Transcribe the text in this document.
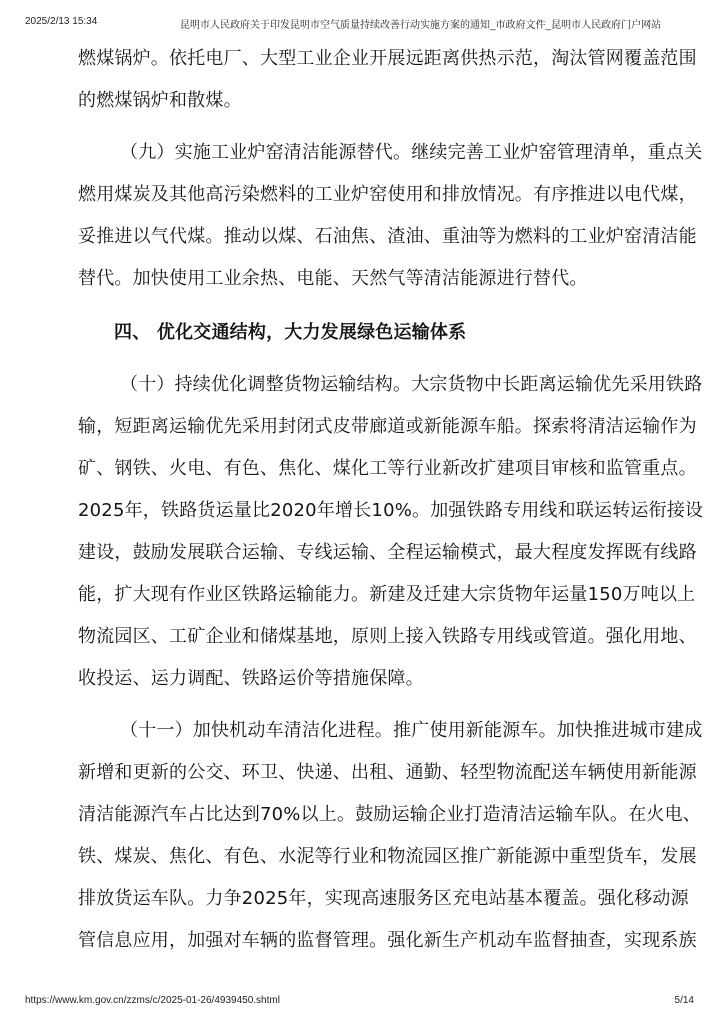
2025/2/13 15:34	昆明市人民政府关于印发昆明市空气质量持续改善行动实施方案的通知_市政府文件_昆明市人民政府门户网站
燃煤锅炉。依托电厂、大型工业企业开展远距离供热示范，淘汰管网覆盖范围
的燃煤锅炉和散煤。
（九）实施工业炉窑清洁能源替代。继续完善工业炉窑管理清单，重点关
燃用煤炭及其他高污染燃料的工业炉窑使用和排放情况。有序推进以电代煤，
妥推进以气代煤。推动以煤、石油焦、渣油、重油等为燃料的工业炉窑清洁能
替代。加快使用工业余热、电能、天然气等清洁能源进行替代。
四、 优化交通结构，大力发展绿色运输体系
（十）持续优化调整货物运输结构。大宗货物中长距离运输优先采用铁路
输，短距离运输优先采用封闭式皮带廊道或新能源车船。探索将清洁运输作为
矿、钢铁、火电、有色、焦化、煤化工等行业新改扩建项目审核和监管重点。
2025年，铁路货运量比2020年增长10%。加强铁路专用线和联运转运衔接设
建设，鼓励发展联合运输、专线运输、全程运输模式，最大程度发挥既有线路
能，扩大现有作业区铁路运输能力。新建及迁建大宗货物年运量150万吨以上
物流园区、工矿企业和储煤基地，原则上接入铁路专用线或管道。强化用地、
收投运、运力调配、铁路运价等措施保障。
（十一）加快机动车清洁化进程。推广使用新能源车。加快推进城市建成
新增和更新的公交、环卫、快递、出租、通勤、轻型物流配送车辆使用新能源
清洁能源汽车占比达到70%以上。鼓励运输企业打造清洁运输车队。在火电、
铁、煤炭、焦化、有色、水泥等行业和物流园区推广新能源中重型货车，发展
排放货运车队。力争2025年，实现高速服务区充电站基本覆盖。强化移动源
管信息应用，加强对车辆的监督管理。强化新生产机动车监督抽查，实现系族
https://www.km.gov.cn/zzms/c/2025-01-26/4939450.shtml	5/14
